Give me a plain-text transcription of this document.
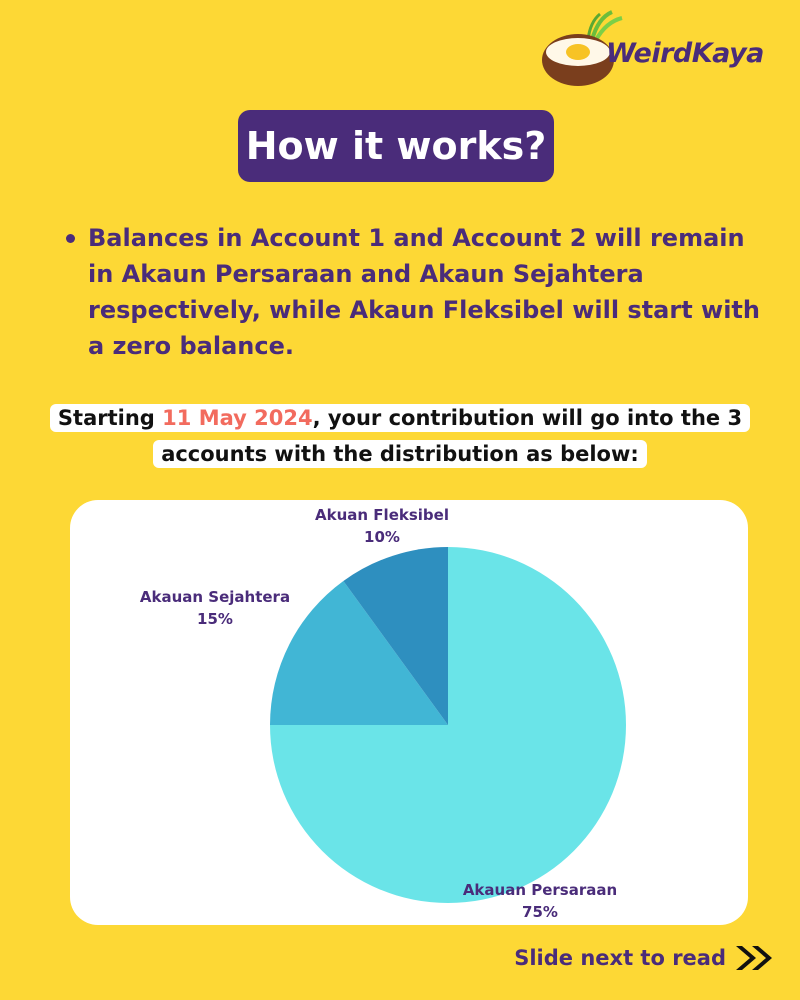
WeirdKaya
How it works?
Balances in Account 1 and Account 2 will remain in Akaun Persaraan and Akaun Sejahtera respectively, while Akaun Fleksibel will start with a zero balance.
Starting 11 May 2024, your contribution will go into the 3 accounts with the distribution as below:
Akauan Persaraan
75%
Akauan Sejahtera
15%
Akuan Fleksibel
10%
Slide next to read
